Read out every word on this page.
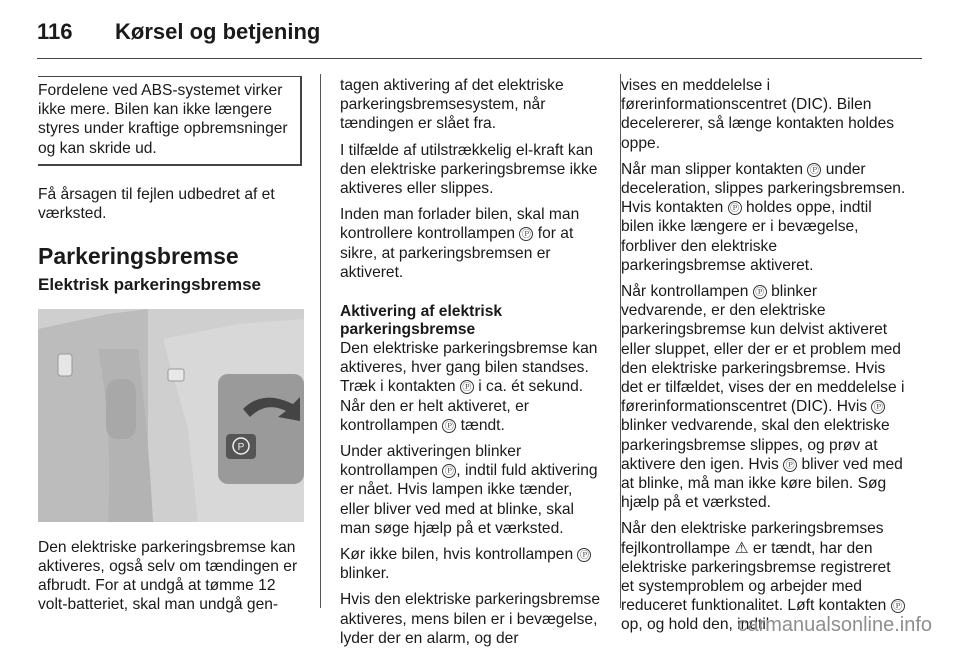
116	Kørsel og betjening
Fordelene ved ABS-systemet virker ikke mere. Bilen kan ikke længere styres under kraftige opbremsninger og kan skride ud.

Få årsagen til fejlen udbedret af et værksted.

Parkeringsbremse
Elektrisk parkeringsbremse
P

Den elektriske parkeringsbremse kan aktiveres, også selv om tændingen er afbrudt. For at undgå at tømme 12 volt-batteriet, skal man undgå gen-

tagen aktivering af det elektriske parkeringsbremsesystem, når tændingen er slået fra.

I tilfælde af utilstrækkelig el-kraft kan den elektriske parkeringsbremse ikke aktiveres eller slippes.

Inden man forlader bilen, skal man kontrollere kontrollampen Ⓟ for at sikre, at parkeringsbremsen er aktiveret.

Aktivering af elektrisk parkeringsbremse

Den elektriske parkeringsbremse kan aktiveres, hver gang bilen standses. Træk i kontakten Ⓟ i ca. ét sekund. Når den er helt aktiveret, er kontrollampen Ⓟ tændt.

Under aktiveringen blinker kontrollampen Ⓟ , indtil fuld aktivering er nået. Hvis lampen ikke tænder, eller bliver ved med at blinke, skal man søge hjælp på et værksted.

Kør ikke bilen, hvis kontrollampen Ⓟ blinker.

Hvis den elektriske parkeringsbremse aktiveres, mens bilen er i bevægelse, lyder der en alarm, og der

vises en meddelelse i førerinformationscentret (DIC). Bilen decelererer, så længe kontakten holdes oppe.

Når man slipper kontakten Ⓟ under deceleration, slippes parkeringsbremsen. Hvis kontakten Ⓟ holdes oppe, indtil bilen ikke længere er i bevægelse, forbliver den elektriske parkeringsbremse aktiveret.

Når kontrollampen Ⓟ blinker vedvarende, er den elektriske parkeringsbremse kun delvist aktiveret eller sluppet, eller der er et problem med den elektriske parkeringsbremse. Hvis det er tilfældet, vises der en meddelelse i førerinformationscentret (DIC). Hvis Ⓟ blinker vedvarende, skal den elektriske parkeringsbremse slippes, og prøv at aktivere den igen. Hvis Ⓟ bliver ved med at blinke, må man ikke køre bilen. Søg hjælp på et værksted.

Når den elektriske parkeringsbremses fejlkontrollampe ⚠ er tændt, har den elektriske parkeringsbremse registreret et systemproblem og arbejder med reduceret funktionalitet. Løft kontakten Ⓟ op, og hold den, indtil

carmanualsonline.info
